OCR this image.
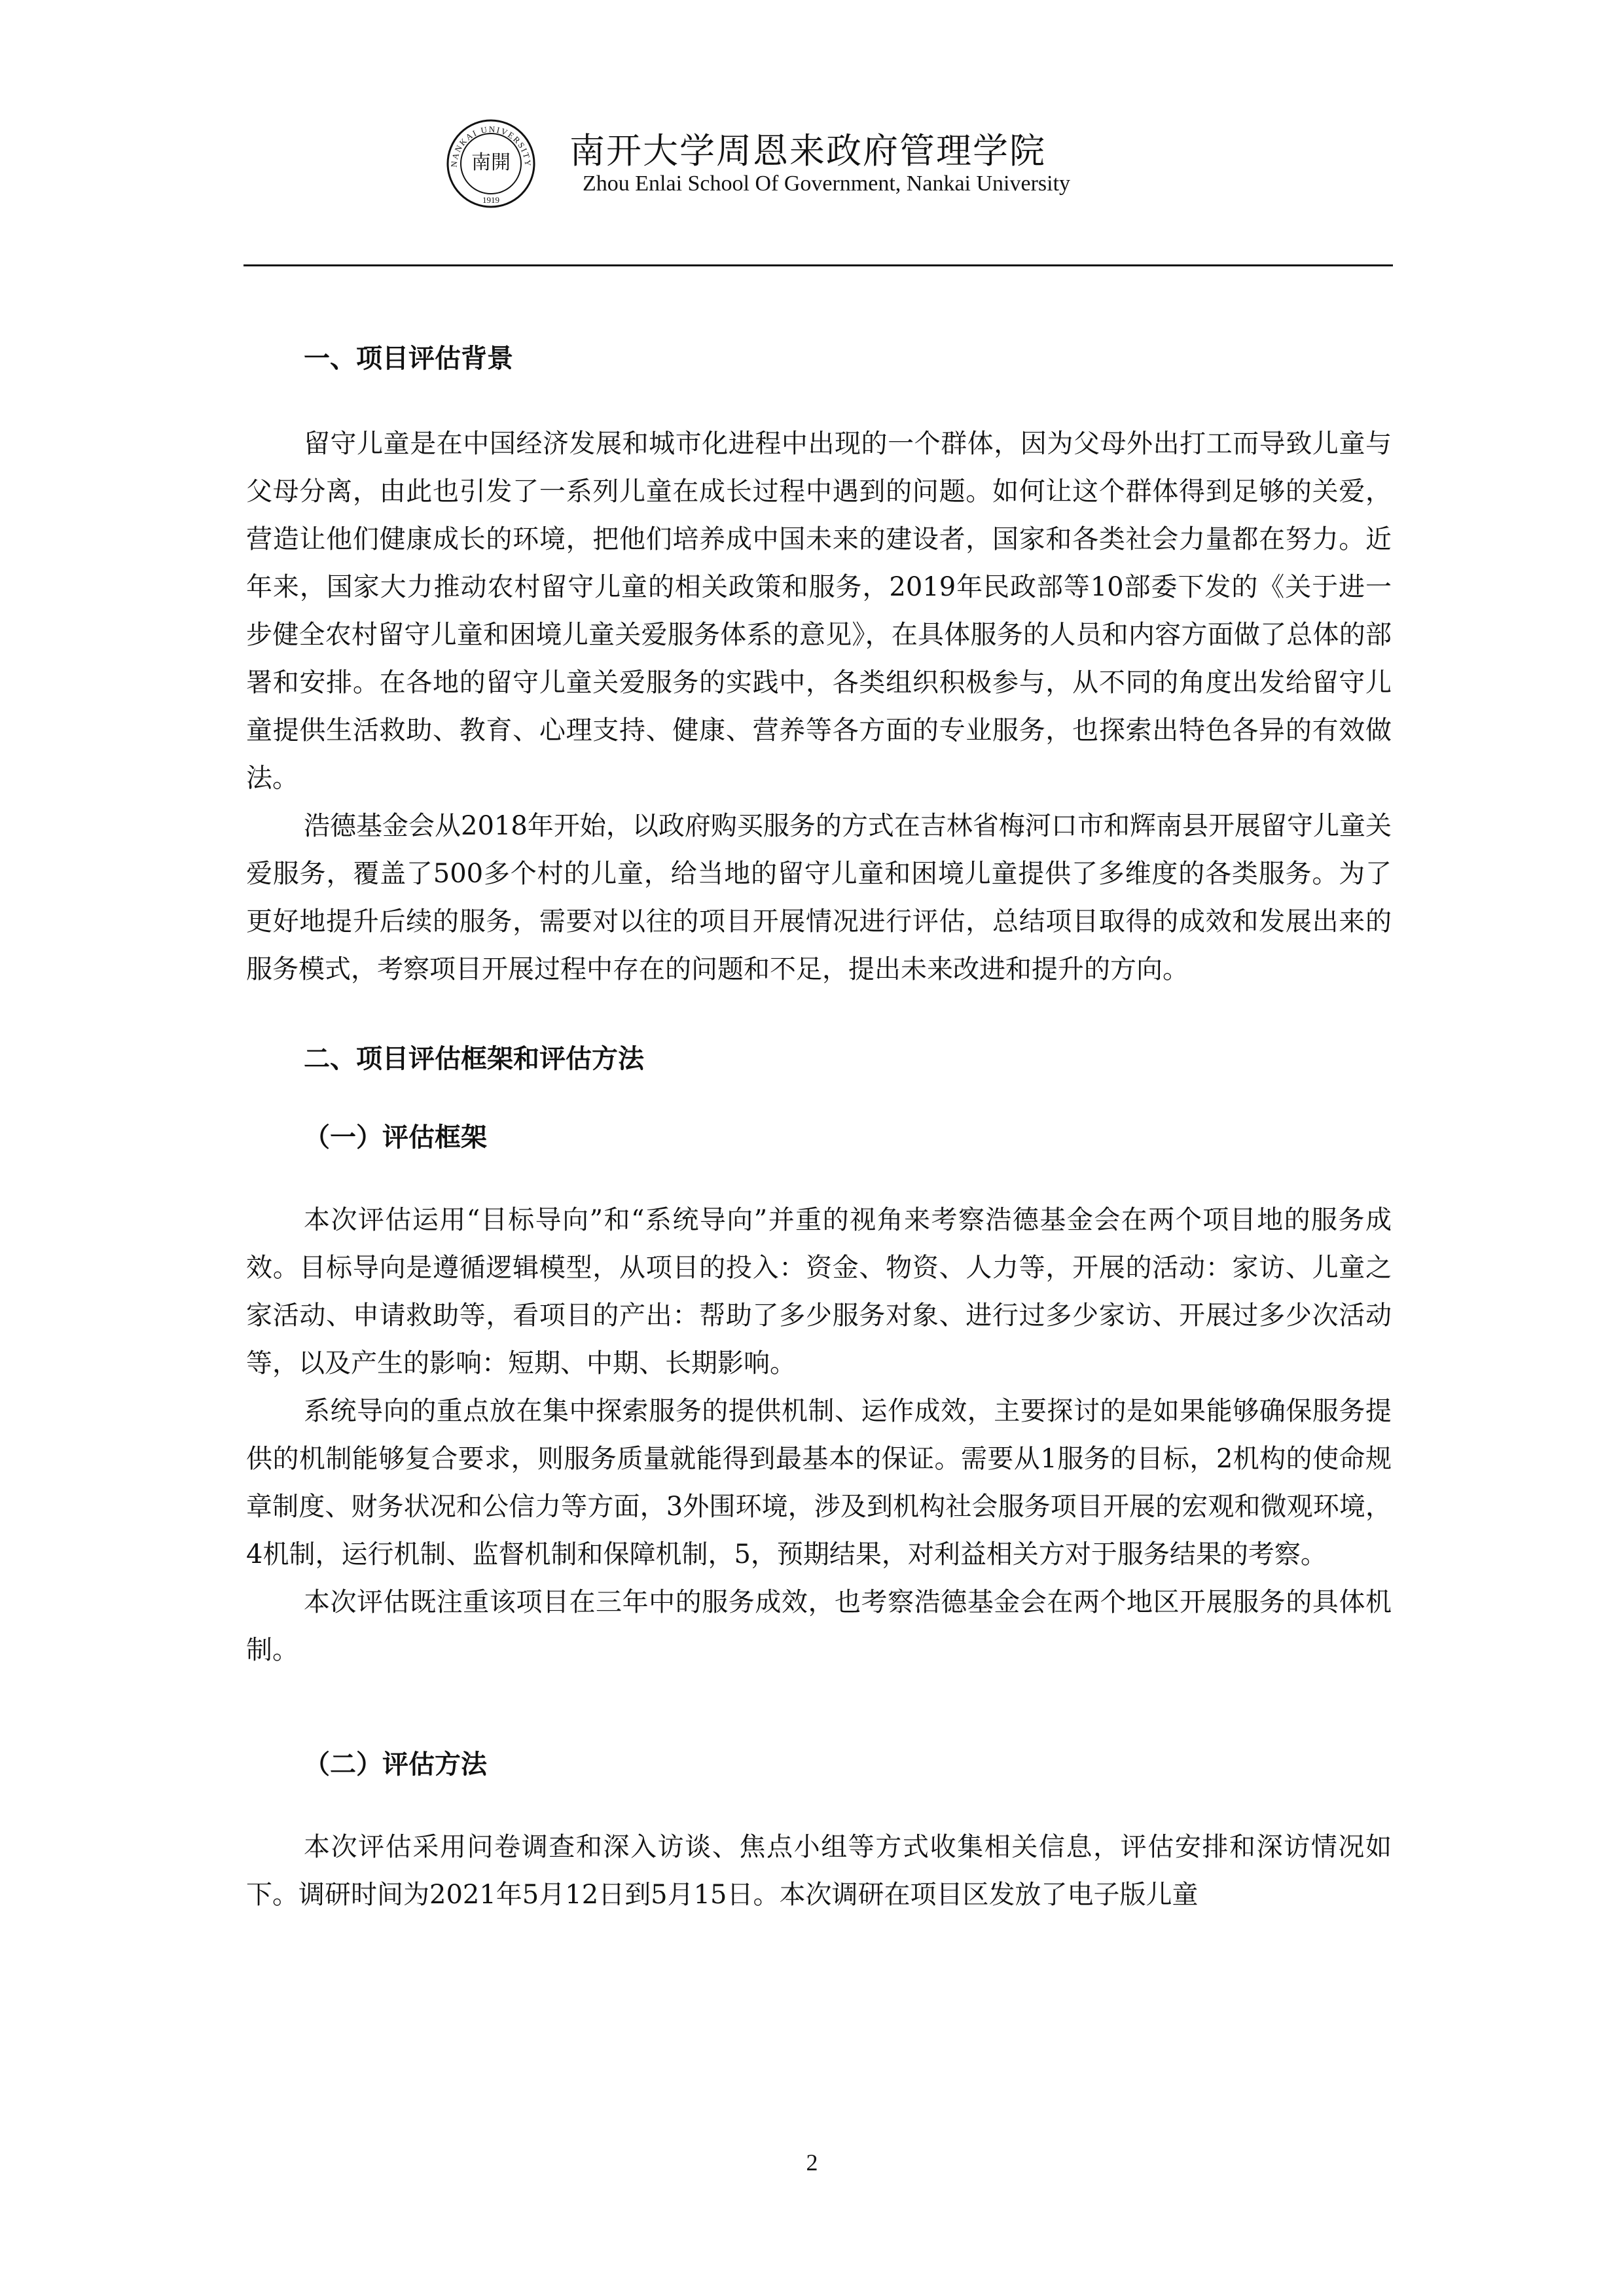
NANKAI UNIVERSITY
南開
1919
南开大学周恩来政府管理学院
Zhou Enlai School Of Government, Nankai University
一、项目评估背景

留守儿童是在中国经济发展和城市化进程中出现的一个群体，因为父母外出打工而导致儿童与父母分离，由此也引发了一系列儿童在成长过程中遇到的问题。如何让这个群体得到足够的关爱，营造让他们健康成长的环境，把他们培养成中国未来的建设者，国家和各类社会力量都在努力。近年来，国家大力推动农村留守儿童的相关政策和服务，2019年民政部等10部委下发的《关于进一步健全农村留守儿童和困境儿童关爱服务体系的意见》，在具体服务的人员和内容方面做了总体的部署和安排。在各地的留守儿童关爱服务的实践中，各类组织积极参与，从不同的角度出发给留守儿童提供生活救助、教育、心理支持、健康、营养等各方面的专业服务，也探索出特色各异的有效做法。

浩德基金会从2018年开始，以政府购买服务的方式在吉林省梅河口市和辉南县开展留守儿童关爱服务，覆盖了500多个村的儿童，给当地的留守儿童和困境儿童提供了多维度的各类服务。为了更好地提升后续的服务，需要对以往的项目开展情况进行评估，总结项目取得的成效和发展出来的服务模式，考察项目开展过程中存在的问题和不足，提出未来改进和提升的方向。

二、项目评估框架和评估方法
（一）评估框架

本次评估运用“目标导向”和“系统导向”并重的视角来考察浩德基金会在两个项目地的服务成效。目标导向是遵循逻辑模型，从项目的投入：资金、物资、人力等，开展的活动：家访、儿童之家活动、申请救助等，看项目的产出：帮助了多少服务对象、进行过多少家访、开展过多少次活动等，以及产生的影响：短期、中期、长期影响。

系统导向的重点放在集中探索服务的提供机制、运作成效，主要探讨的是如果能够确保服务提供的机制能够复合要求，则服务质量就能得到最基本的保证。需要从1服务的目标，2机构的使命规章制度、财务状况和公信力等方面，3外围环境，涉及到机构社会服务项目开展的宏观和微观环境，4机制，运行机制、监督机制和保障机制，5，预期结果，对利益相关方对于服务结果的考察。

本次评估既注重该项目在三年中的服务成效，也考察浩德基金会在两个地区开展服务的具体机制。

（二）评估方法

本次评估采用问卷调查和深入访谈、焦点小组等方式收集相关信息，评估安排和深访情况如下。调研时间为2021年5月12日到5月15日。本次调研在项目区发放了电子版儿童

2
